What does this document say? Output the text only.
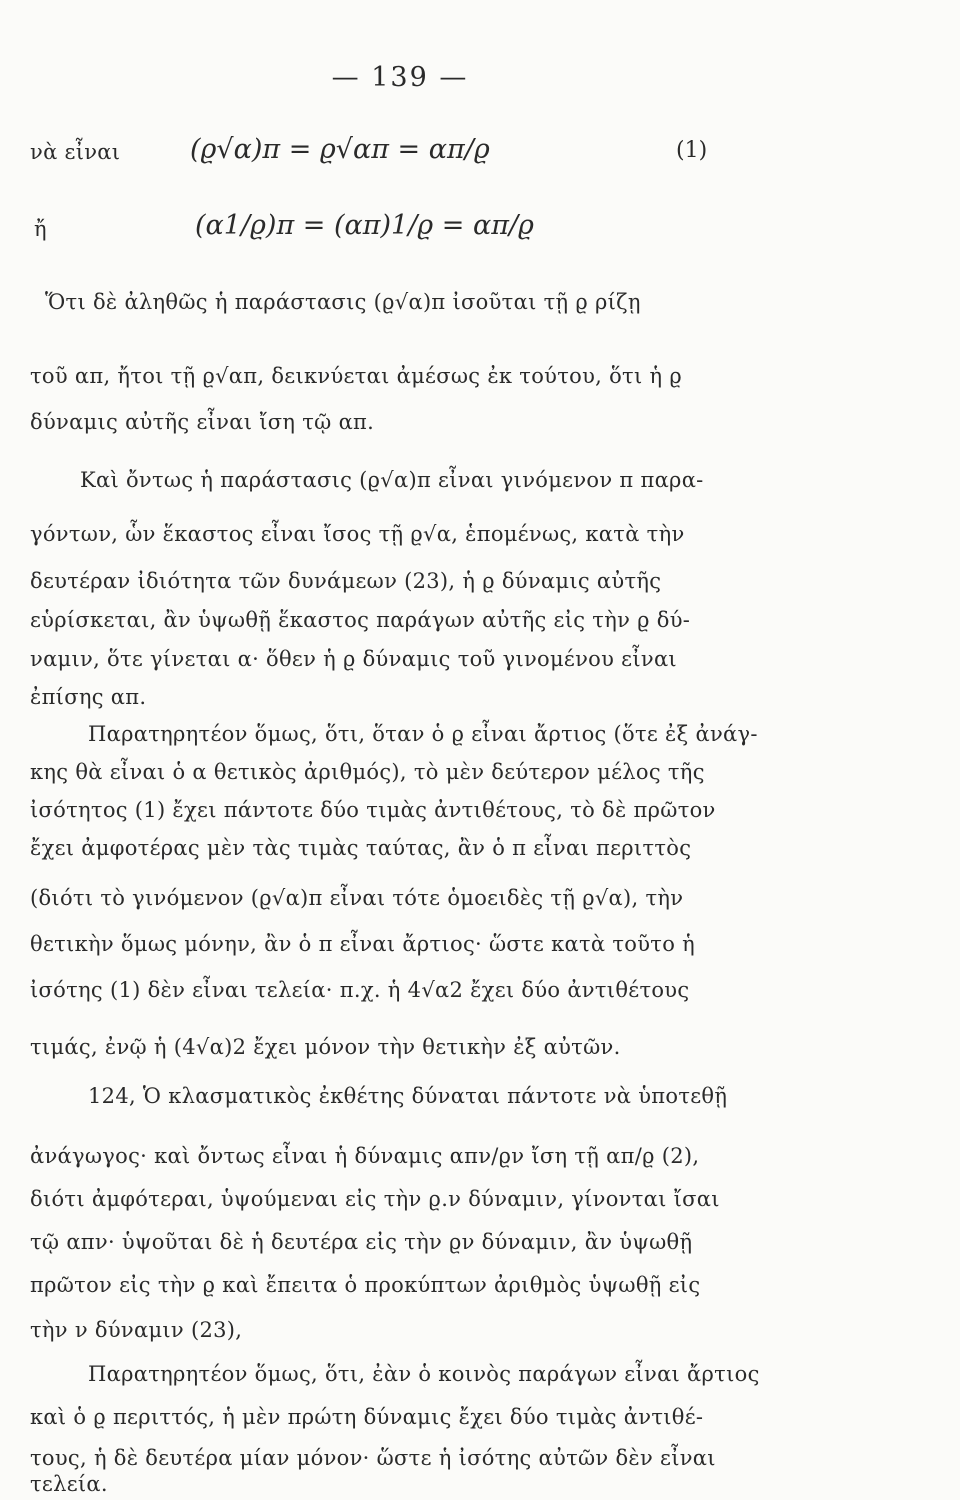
— 139 —
νὰ εἶναι	(ϱ√α)π = ϱ√απ = απ/ϱ	(1)
ἤ	(α1/ϱ)π = (απ)1/ϱ = απ/ϱ
Ὅτι δὲ ἀληθῶς ἡ παράστασις (ϱ√α)π ἰσοῦται τῇ ϱ ρίζῃ
τοῦ απ, ἤτοι τῇ ϱ√απ, δεικνύεται ἀμέσως ἐκ τούτου, ὅτι ἡ ϱ
δύναμις αὐτῆς εἶναι ἴση τῷ απ.
Καὶ ὄντως ἡ παράστασις (ϱ√α)π εἶναι γινόμενον π παρα-
γόντων, ὧν ἕκαστος εἶναι ἴσος τῇ ϱ√α, ἑπομένως, κατὰ τὴν
δευτέραν ἰδιότητα τῶν δυνάμεων (23), ἡ ϱ δύναμις αὐτῆς
εὑρίσκεται, ἂν ὑψωθῇ ἕκαστος παράγων αὐτῆς εἰς τὴν ϱ δύ-
ναμιν, ὅτε γίνεται α· ὅθεν ἡ ϱ δύναμις τοῦ γινομένου εἶναι
ἐπίσης απ.
Παρατηρητέον ὅμως, ὅτι, ὅταν ὁ ϱ εἶναι ἄρτιος (ὅτε ἐξ ἀνάγ-
κης θὰ εἶναι ὁ α θετικὸς ἀριθμός), τὸ μὲν δεύτερον μέλος τῆς
ἰσότητος (1) ἔχει πάντοτε δύο τιμὰς ἀντιθέτους, τὸ δὲ πρῶτον
ἔχει ἀμφοτέρας μὲν τὰς τιμὰς ταύτας, ἂν ὁ π εἶναι περιττὸς
(διότι τὸ γινόμενον (ϱ√α)π εἶναι τότε ὁμοειδὲς τῇ ϱ√α), τὴν
θετικὴν ὅμως μόνην, ἂν ὁ π εἶναι ἄρτιος· ὥστε κατὰ τοῦτο ἡ
ἰσότης (1) δὲν εἶναι τελεία· π.χ. ἡ 4√α2 ἔχει δύο ἀντιθέτους
τιμάς, ἐνῷ ἡ (4√α)2 ἔχει μόνον τὴν θετικὴν ἐξ αὐτῶν.
124, Ὁ κλασματικὸς ἐκθέτης δύναται πάντοτε νὰ ὑποτεθῇ
ἀνάγωγος· καὶ ὄντως εἶναι ἡ δύναμις απν/ϱν ἴση τῇ απ/ϱ (2),
διότι ἀμφότεραι, ὑψούμεναι εἰς τὴν ϱ.ν δύναμιν, γίνονται ἴσαι
τῷ απν· ὑψοῦται δὲ ἡ δευτέρα εἰς τὴν ϱν δύναμιν, ἂν ὑψωθῇ
πρῶτον εἰς τὴν ϱ καὶ ἔπειτα ὁ προκύπτων ἀριθμὸς ὑψωθῇ εἰς
τὴν ν δύναμιν (23),
Παρατηρητέον ὅμως, ὅτι, ἐὰν ὁ κοινὸς παράγων εἶναι ἄρτιος
καὶ ὁ ϱ περιττός, ἡ μὲν πρώτη δύναμις ἔχει δύο τιμὰς ἀντιθέ-
τους, ἡ δὲ δευτέρα μίαν μόνον· ὥστε ἡ ἰσότης αὐτῶν δὲν εἶναι
τελεία.
